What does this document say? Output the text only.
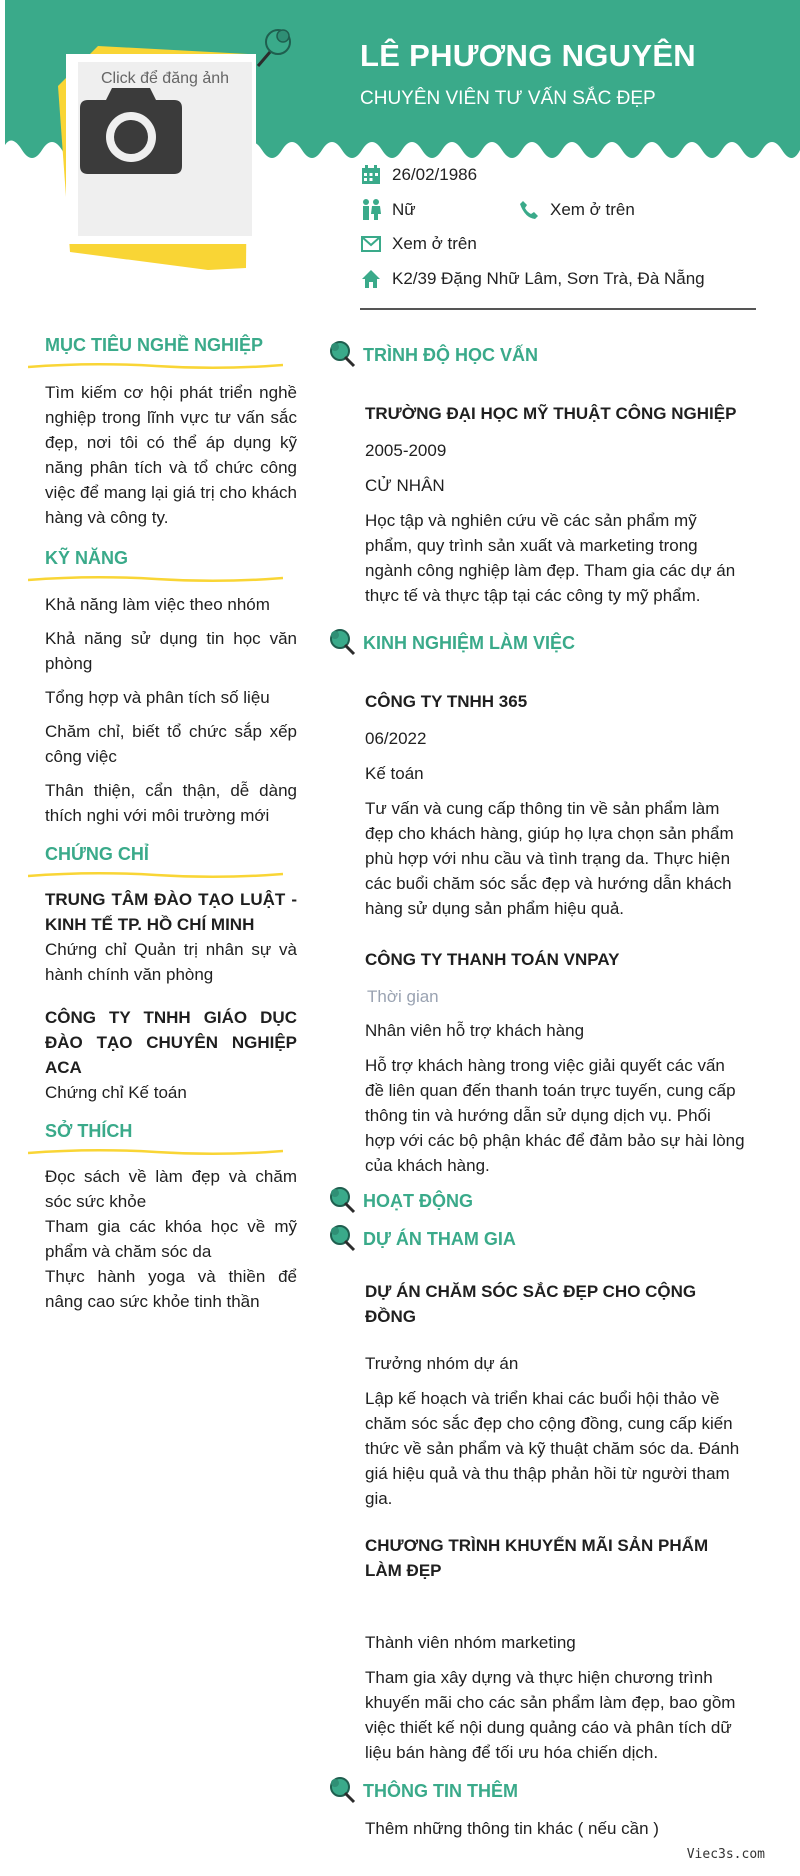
Click để đăng ảnh
LÊ PHƯƠNG NGUYÊN
CHUYÊN VIÊN TƯ VẤN SẮC ĐẸP
26/02/1986
Nữ	Xem ở trên
Xem ở trên
K2/39 Đặng Nhữ Lâm, Sơn Trà, Đà Nẵng
MỤC TIÊU NGHỀ NGHIỆP
Tìm kiếm cơ hội phát triển nghề nghiệp trong lĩnh vực tư vấn sắc đẹp, nơi tôi có thể áp dụng kỹ năng phân tích và tổ chức công việc để mang lại giá trị cho khách hàng và công ty.
KỸ NĂNG
Khả năng làm việc theo nhóm
Khả năng sử dụng tin học văn phòng
Tổng hợp và phân tích số liệu
Chăm chỉ, biết tổ chức sắp xếp công việc
Thân thiện, cẩn thận, dễ dàng thích nghi với môi trường mới
CHỨNG CHỈ
TRUNG TÂM ĐÀO TẠO LUẬT - KINH TẾ TP. HỒ CHÍ MINH
Chứng chỉ Quản trị nhân sự và hành chính văn phòng
CÔNG TY TNHH GIÁO DỤC ĐÀO TẠO CHUYÊN NGHIỆP ACA
Chứng chỉ Kế toán
SỞ THÍCH
Đọc sách về làm đẹp và chăm sóc sức khỏe
Tham gia các khóa học về mỹ phẩm và chăm sóc da
Thực hành yoga và thiền để nâng cao sức khỏe tinh thần
TRÌNH ĐỘ HỌC VẤN
TRƯỜNG ĐẠI HỌC MỸ THUẬT CÔNG NGHIỆP
2005-2009
CỬ NHÂN
Học tập và nghiên cứu về các sản phẩm mỹ phẩm, quy trình sản xuất và marketing trong ngành công nghiệp làm đẹp. Tham gia các dự án thực tế và thực tập tại các công ty mỹ phẩm.
KINH NGHIỆM LÀM VIỆC
CÔNG TY TNHH 365
06/2022
Kế toán
Tư vấn và cung cấp thông tin về sản phẩm làm đẹp cho khách hàng, giúp họ lựa chọn sản phẩm phù hợp với nhu cầu và tình trạng da. Thực hiện các buổi chăm sóc sắc đẹp và hướng dẫn khách hàng sử dụng sản phẩm hiệu quả.
CÔNG TY THANH TOÁN VNPAY
Thời gian
Nhân viên hỗ trợ khách hàng
Hỗ trợ khách hàng trong việc giải quyết các vấn đề liên quan đến thanh toán trực tuyến, cung cấp thông tin và hướng dẫn sử dụng dịch vụ. Phối hợp với các bộ phận khác để đảm bảo sự hài lòng của khách hàng.
HOẠT ĐỘNG
DỰ ÁN THAM GIA
DỰ ÁN CHĂM SÓC SẮC ĐẸP CHO CỘNG ĐỒNG
Trưởng nhóm dự án
Lập kế hoạch và triển khai các buổi hội thảo về chăm sóc sắc đẹp cho cộng đồng, cung cấp kiến thức về sản phẩm và kỹ thuật chăm sóc da. Đánh giá hiệu quả và thu thập phản hồi từ người tham gia.
CHƯƠNG TRÌNH KHUYẾN MÃI SẢN PHẨM LÀM ĐẸP
Thành viên nhóm marketing
Tham gia xây dựng và thực hiện chương trình khuyến mãi cho các sản phẩm làm đẹp, bao gồm việc thiết kế nội dung quảng cáo và phân tích dữ liệu bán hàng để tối ưu hóa chiến dịch.
THÔNG TIN THÊM
Thêm những thông tin khác ( nếu cần )
Viec3s.com
